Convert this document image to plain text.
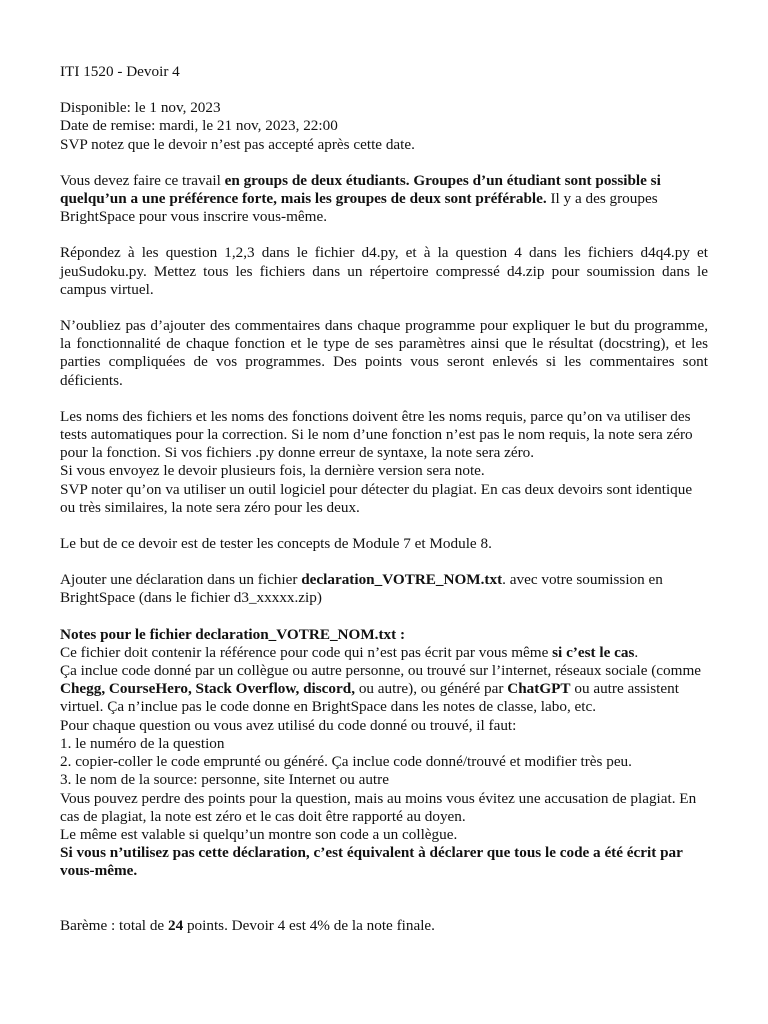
ITI 1520 - Devoir 4

Disponible: le 1 nov, 2023

Date de remise: mardi, le 21 nov, 2023, 22:00

SVP notez que le devoir n’est pas accepté après cette date.

Vous devez faire ce travail en groups de deux étudiants. Groupes d’un étudiant sont possible si quelqu’un a une préférence forte, mais les groupes de deux sont préférable. Il y a des groupes BrightSpace pour vous inscrire vous-même.

Répondez à les question 1,2,3 dans le fichier d4.py, et à la question 4 dans les fichiers d4q4.py et jeuSudoku.py. Mettez tous les fichiers dans un répertoire compressé d4.zip pour soumission dans le campus virtuel.

N’oubliez pas d’ajouter des commentaires dans chaque programme pour expliquer le but du programme, la fonctionnalité de chaque fonction et le type de ses paramètres ainsi que le résultat (docstring), et les parties compliquées de vos programmes. Des points vous seront enlevés si les commentaires sont déficients.

Les noms des fichiers et les noms des fonctions doivent être les noms requis, parce qu’on va utiliser des tests automatiques pour la correction. Si le nom d’une fonction n’est pas le nom requis, la note sera zéro pour la fonction. Si vos fichiers .py donne erreur de syntaxe, la note sera zéro.

Si vous envoyez le devoir plusieurs fois, la dernière version sera note.

SVP noter qu’on va utiliser un outil logiciel pour détecter du plagiat. En cas deux devoirs sont identique ou très similaires, la note sera zéro pour les deux.

Le but de ce devoir est de tester les concepts de Module 7 et Module 8.

Ajouter une déclaration dans un fichier declaration_VOTRE_NOM.txt. avec votre soumission en BrightSpace (dans le fichier d3_xxxxx.zip)

Notes pour le fichier declaration_VOTRE_NOM.txt :

Ce fichier doit contenir la référence pour code qui n’est pas écrit par vous même si c’est le cas.

Ça inclue code donné par un collègue ou autre personne, ou trouvé sur l’internet, réseaux sociale (comme Chegg, CourseHero, Stack Overflow, discord, ou autre), ou généré par ChatGPT ou autre assistent virtuel. Ça n’inclue pas le code donne en BrightSpace dans les notes de classe, labo, etc.

Pour chaque question ou vous avez utilisé du code donné ou trouvé, il faut:

1. le numéro de la question

2. copier-coller le code emprunté ou généré. Ça inclue code donné/trouvé et modifier très peu.

3. le nom de la source: personne, site Internet ou autre

Vous pouvez perdre des points pour la question, mais au moins vous évitez une accusation de plagiat. En cas de plagiat, la note est zéro et le cas doit être rapporté au doyen.

Le même est valable si quelqu’un montre son code a un collègue.

Si vous n’utilisez pas cette déclaration, c’est équivalent à déclarer que tous le code a été écrit par vous-même.

Barème : total de 24 points. Devoir 4 est 4% de la note finale.
